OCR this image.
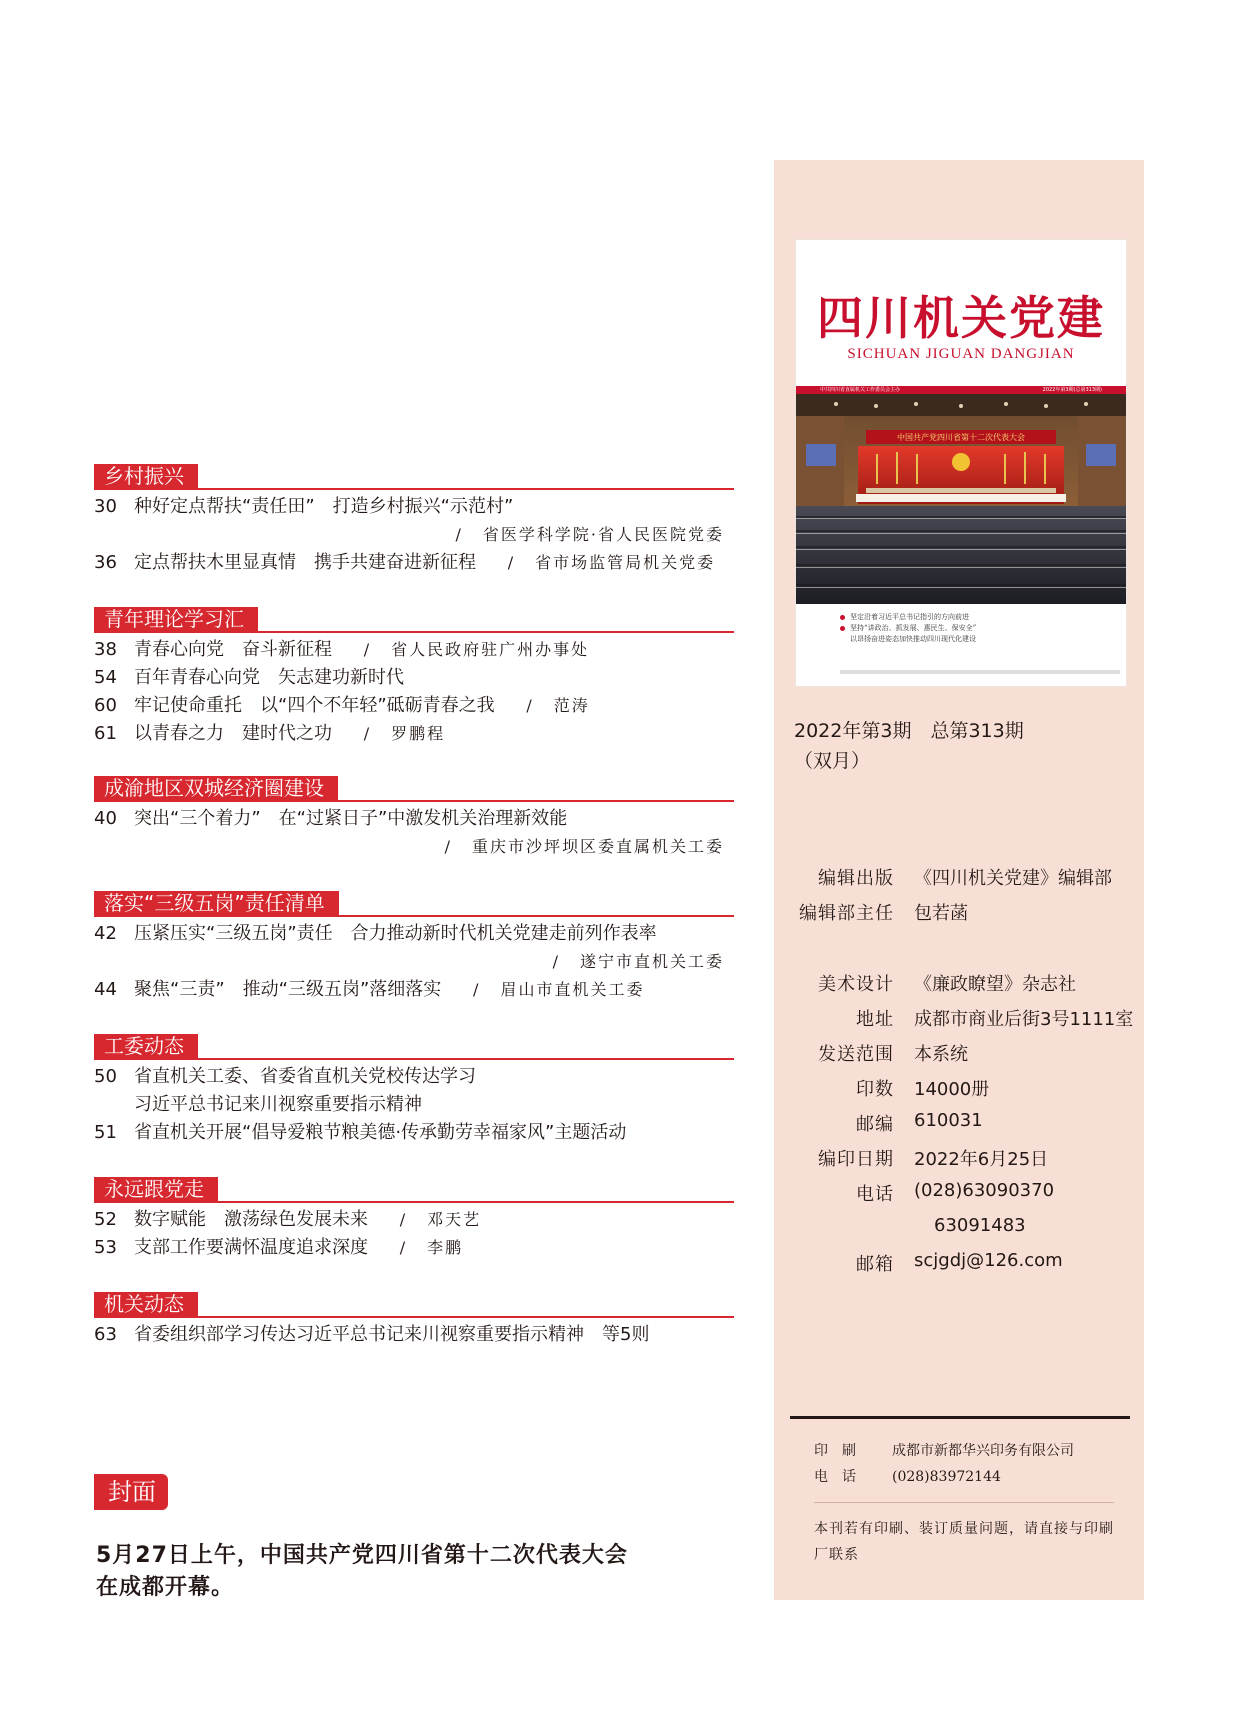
乡村振兴
30 种好定点帮扶“责任田”　打造乡村振兴“示范村”
/ 省医学科学院·省人民医院党委
36 定点帮扶木里显真情　携手共建奋进新征程 / 省市场监管局机关党委
青年理论学习汇
38 青春心向党　奋斗新征程 / 省人民政府驻广州办事处
54 百年青春心向党　矢志建功新时代
60 牢记使命重托　以“四个不年轻”砥砺青春之我 / 范涛
61 以青春之力　建时代之功 / 罗鹏程
成渝地区双城经济圈建设
40 突出“三个着力”　在“过紧日子”中激发机关治理新效能
/ 重庆市沙坪坝区委直属机关工委
落实“三级五岗”责任清单
42 压紧压实“三级五岗”责任　合力推动新时代机关党建走前列作表率
/ 遂宁市直机关工委
44 聚焦“三责”　推动“三级五岗”落细落实 / 眉山市直机关工委
工委动态
50 省直机关工委、省委省直机关党校传达学习
习近平总书记来川视察重要指示精神
51 省直机关开展“倡导爱粮节粮美德·传承勤劳幸福家风”主题活动
永远跟党走
52 数字赋能　激荡绿色发展未来 / 邓天艺
53 支部工作要满怀温度追求深度 / 李鹏
机关动态
63 省委组织部学习传达习近平总书记来川视察重要指示精神　等5则
封面
5月27日上午，中国共产党四川省第十二次代表大会
在成都开幕。
四川机关党建
SICHUAN JIGUAN DANGJIAN
中共四川省直属机关工作委员会主办	2022年第3期(总第313期)
中国共产党四川省第十二次代表大会
坚定沿着习近平总书记指引的方向前进
坚持“讲政治、抓发展、惠民生、保安全”
以昂扬奋进姿态加快推动四川现代化建设
2022年第3期　总第313期
（双月）
编辑出版 《四川机关党建》编辑部
编辑部主任 包若菡
美术设计 《廉政瞭望》杂志社
地址 成都市商业后街3号1111室
发送范围 本系统
印数 14000册
邮编 610031
编印日期 2022年6月25日
电话 (028)63090370
63091483
邮箱 scjgdj@126.com
印刷 成都市新都华兴印务有限公司
电话 (028)83972144
本刊若有印刷、装订质量问题，请直接与印刷厂联系
